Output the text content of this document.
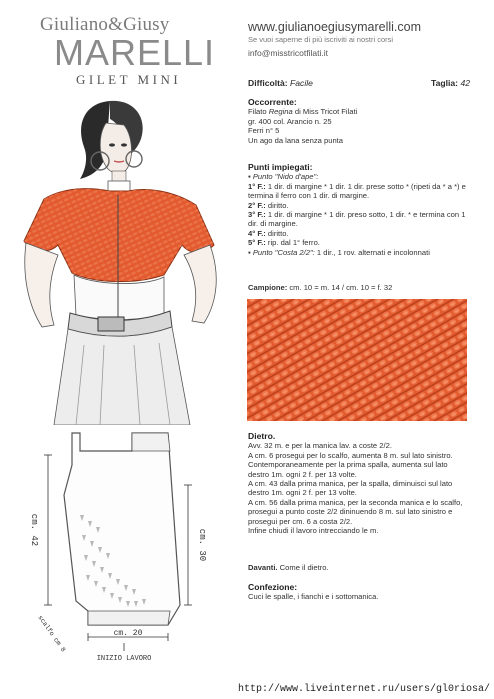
Giuliano&Giusy
MARELLI
GILET MINI
www.giulianoegiusymarelli.com
Se vuoi saperne di più iscriviti ai nostri corsi
info@misstricotfilati.it
Difficoltà: Facile	Taglia: 42
Occorrente:
Filato Regina di Miss Tricot Filati
gr. 400 col. Arancio n. 25
Ferri n° 5
Un ago da lana senza punta
Punti impiegati:
▪ Punto "Nido d'ape":
1° F.: 1 dir. di margine * 1 dir. 1 dir. prese sotto * (ripeti da * a *) e termina il ferro con 1 dir. di margine.
2° F.: diritto.
3° F.: 1 dir. di margine * 1 dir. preso sotto, 1 dir. * e termina con 1 dir. di margine.
4° F.: diritto.
5° F.: rip. dal 1° ferro.
▪ Punto "Costa 2/2": 1 dir., 1 rov. alternati e incolonnati
Campione: cm. 10 = m. 14 / cm. 10 = f. 32
Dietro.
Avv. 32 m. e per la manica lav. a coste 2/2.
A cm. 6 prosegui per lo scalfo, aumenta 8 m. sul lato sinistro. Contemporaneamente per la prima spalla, aumenta sul lato destro 1m. ogni 2 f. per 13 volte.
A cm. 43 dalla prima manica, per la spalla, diminuisci sul lato destro 1m. ogni 2 f. per 13 volte.
A cm. 56 dalla prima manica, per la seconda manica e lo scalfo, prosegui a punto coste 2/2 dininuendo 8 m. sul lato sinistro e prosegui per cm. 6 a costa 2/2.
Infine chiudi il lavoro intrecciando le m.
Davanti. Come il dietro.
Confezione:
Cuci le spalle, i fianchi e i sottomanica.
cm. 42	cm. 30
cm. 20
scalfo cm 8
INIZIO LAVORO
http://www.liveinternet.ru/users/gl0riosa/
